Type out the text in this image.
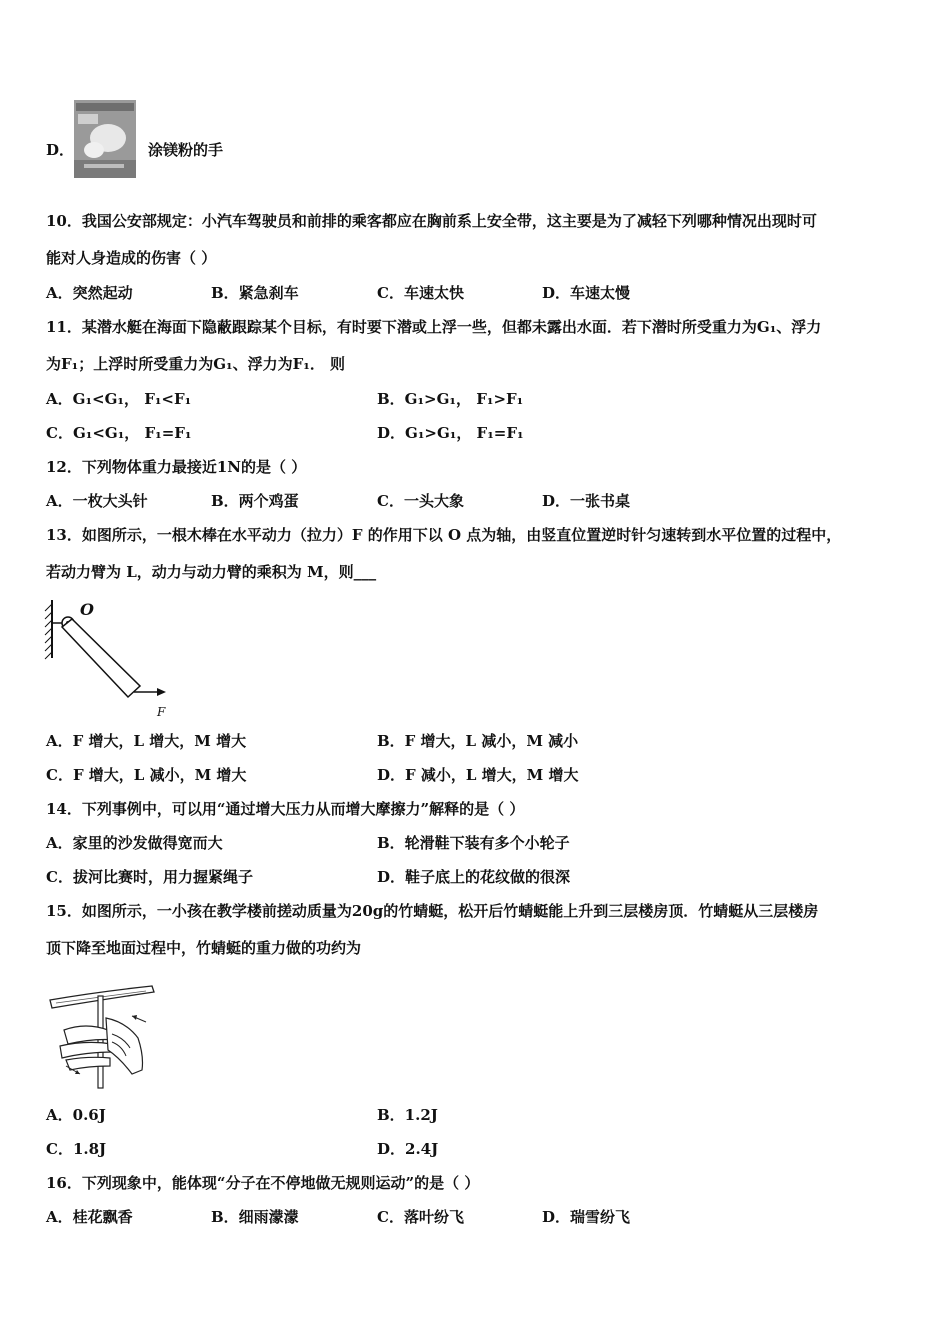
D．	涂镁粉的手
10．我国公安部规定：小汽车驾驶员和前排的乘客都应在胸前系上安全带，这主要是为了减轻下列哪种情况出现时可
能对人身造成的伤害（ ）
A．突然起动	B．紧急刹车	C．车速太快	D．车速太慢
11．某潜水艇在海面下隐蔽跟踪某个目标，有时要下潜或上浮一些，但都未露出水面．若下潜时所受重力为G₁、浮力
为F₁；上浮时所受重力为G₁、浮力为F₁． 则
A．G₁<G₁， F₁<F₁	B．G₁>G₁， F₁>F₁
C．G₁<G₁， F₁=F₁	D．G₁>G₁， F₁=F₁
12．下列物体重力最接近1N的是（ ）
A．一枚大头针	B．两个鸡蛋	C．一头大象	D．一张书桌
13．如图所示，一根木棒在水平动力（拉力）F 的作用下以 O 点为轴，由竖直位置逆时针匀速转到水平位置的过程中，
若动力臂为 L，动力与动力臂的乘积为 M，则___
O
F
A．F 增大，L 增大，M 增大	B．F 增大，L 减小，M 减小
C．F 增大，L 减小，M 增大	D．F 减小，L 增大，M 增大
14．下列事例中，可以用“通过增大压力从而增大摩擦力”解释的是（ ）
A．家里的沙发做得宽而大	B．轮滑鞋下装有多个小轮子
C．拔河比赛时，用力握紧绳子	D．鞋子底上的花纹做的很深
15．如图所示，一小孩在教学楼前搓动质量为20g的竹蜻蜓，松开后竹蜻蜓能上升到三层楼房顶．竹蜻蜓从三层楼房
顶下降至地面过程中，竹蜻蜓的重力做的功约为
A．0.6J	B．1.2J
C．1.8J	D．2.4J
16．下列现象中，能体现“分子在不停地做无规则运动”的是（ ）
A．桂花飘香	B．细雨濛濛	C．落叶纷飞	D．瑞雪纷飞
